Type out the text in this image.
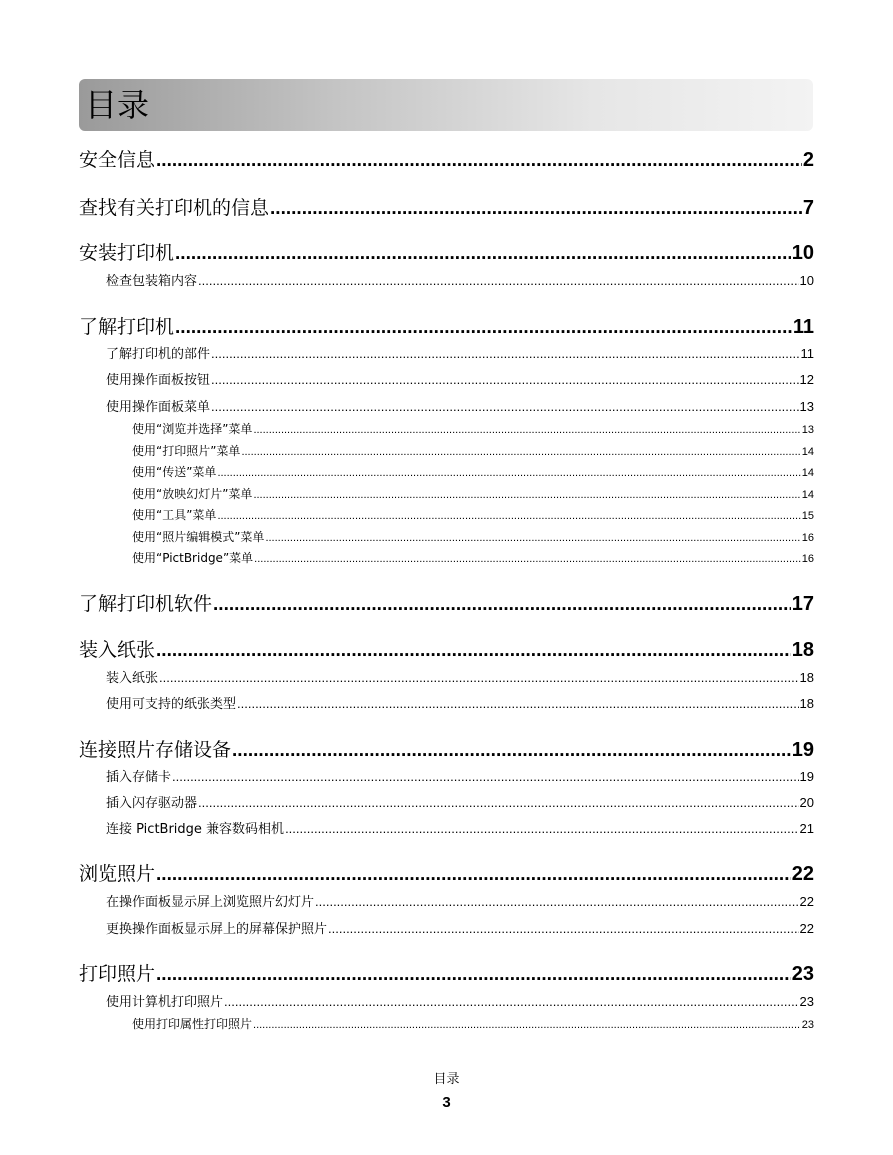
目录
安全信息 .....	2
查找有关打印机的信息 .....	7
安装打印机 .....	10
检查包装箱内容 .....	10
了解打印机 .....	11
了解打印机的部件 .....	11
使用操作面板按钮 .....	12
使用操作面板菜单 .....	13
使用“浏览并选择”菜单 .....	13
使用“打印照片”菜单 .....	14
使用“传送”菜单 .....	14
使用“放映幻灯片”菜单 .....	14
使用“工具”菜单 .....	15
使用“照片编辑模式”菜单 .....	16
使用“PictBridge”菜单 .....	16
了解打印机软件 .....	17
装入纸张 .....	18
装入纸张 .....	18
使用可支持的纸张类型 .....	18
连接照片存储设备 .....	19
插入存储卡 .....	19
插入闪存驱动器 .....	20
连接 PictBridge 兼容数码相机 .....	21
浏览照片 .....	22
在操作面板显示屏上浏览照片幻灯片 .....	22
更换操作面板显示屏上的屏幕保护照片 .....	22
打印照片 .....	23
使用计算机打印照片 .....	23
使用打印属性打印照片 .....	23
目录
3
